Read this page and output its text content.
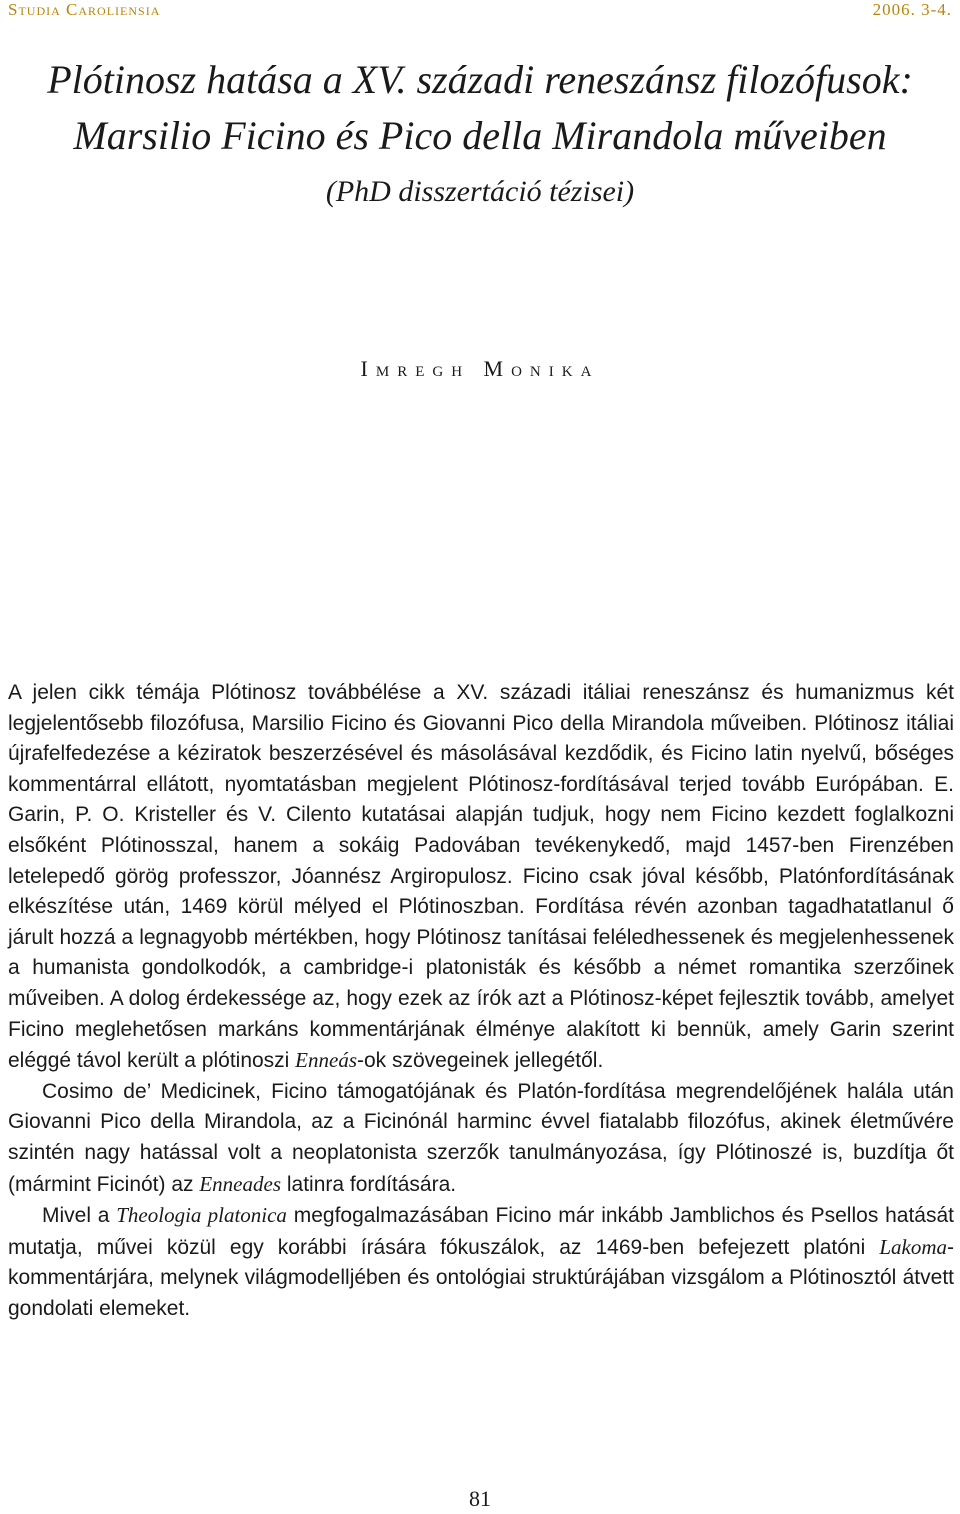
Studia Caroliensia	2006. 3-4.
Plótinosz hatása a XV. századi reneszánsz filozófusok:
Marsilio Ficino és Pico della Mirandola műveiben
(PhD disszertáció tézisei)
Imregh Monika

A jelen cikk témája Plótinosz továbbélése a XV. századi itáliai reneszánsz és humanizmus két legjelentősebb filozófusa, Marsilio Ficino és Giovanni Pico della Mirandola műveiben. Plótinosz itáliai újrafelfedezése a kéziratok beszerzésével és másolásával kezdődik, és Ficino latin nyelvű, bőséges kommentárral ellátott, nyomtatásban megjelent Plótinosz-fordításával terjed tovább Európában. E. Garin, P. O. Kristeller és V. Cilento kutatásai alapján tudjuk, hogy nem Ficino kezdett foglalkozni elsőként Plótinosszal, hanem a sokáig Padovában tevékenykedő, majd 1457-ben Firenzében letelepedő görög professzor, Jóannész Argiropulosz. Ficino csak jóval később, Platónfordításának elkészítése után, 1469 körül mélyed el Plótinoszban. Fordítása révén azonban tagadhatatlanul ő járult hozzá a legnagyobb mértékben, hogy Plótinosz tanításai feléledhessenek és megjelenhessenek a humanista gondolkodók, a cambridge-i platonisták és később a német romantika szerzőinek műveiben. A dolog érdekessége az, hogy ezek az írók azt a Plótinosz-képet fejlesztik tovább, amelyet Ficino meglehetősen markáns kommentárjának élménye alakított ki bennük, amely Garin szerint eléggé távol került a plótinoszi Enneás-ok szövegeinek jellegétől.

Cosimo de’ Medicinek, Ficino támogatójának és Platón-fordítása megrendelőjének halála után Giovanni Pico della Mirandola, az a Ficinónál harminc évvel fiatalabb filozófus, akinek életművére szintén nagy hatással volt a neoplatonista szerzők tanulmányozása, így Plótinoszé is, buzdítja őt (mármint Ficinót) az Enneades latinra fordítására.

Mivel a Theologia platonica megfogalmazásában Ficino már inkább Jamblichos és Psellos hatását mutatja, művei közül egy korábbi írására fókuszálok, az 1469-ben befejezett platóni Lakoma-kommentárjára, melynek világmodelljében és ontológiai struktúrájában vizsgálom a Plótinosztól átvett gondolati elemeket.

81
